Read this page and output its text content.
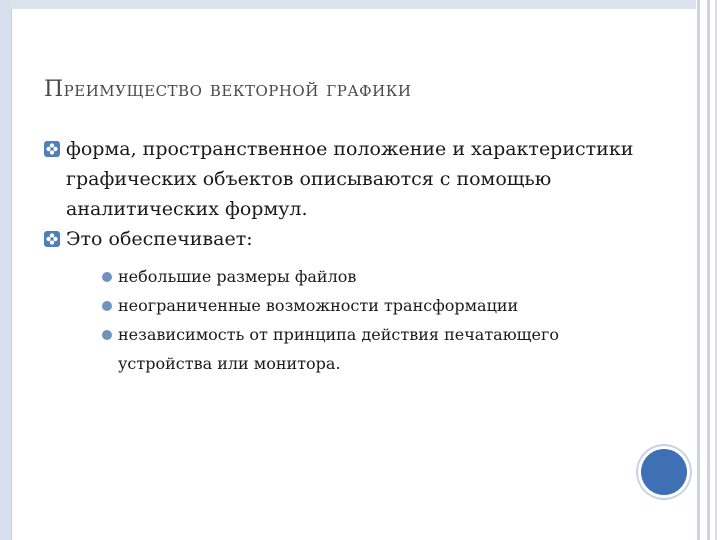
Преимущество векторной графики
форма, пространственное положение и характеристики графических объектов описываются с помощью аналитических формул.
Это обеспечивает:
небольшие размеры файлов
неограниченные возможности трансформации
независимость от принципа действия печатающего устройства или монитора.
